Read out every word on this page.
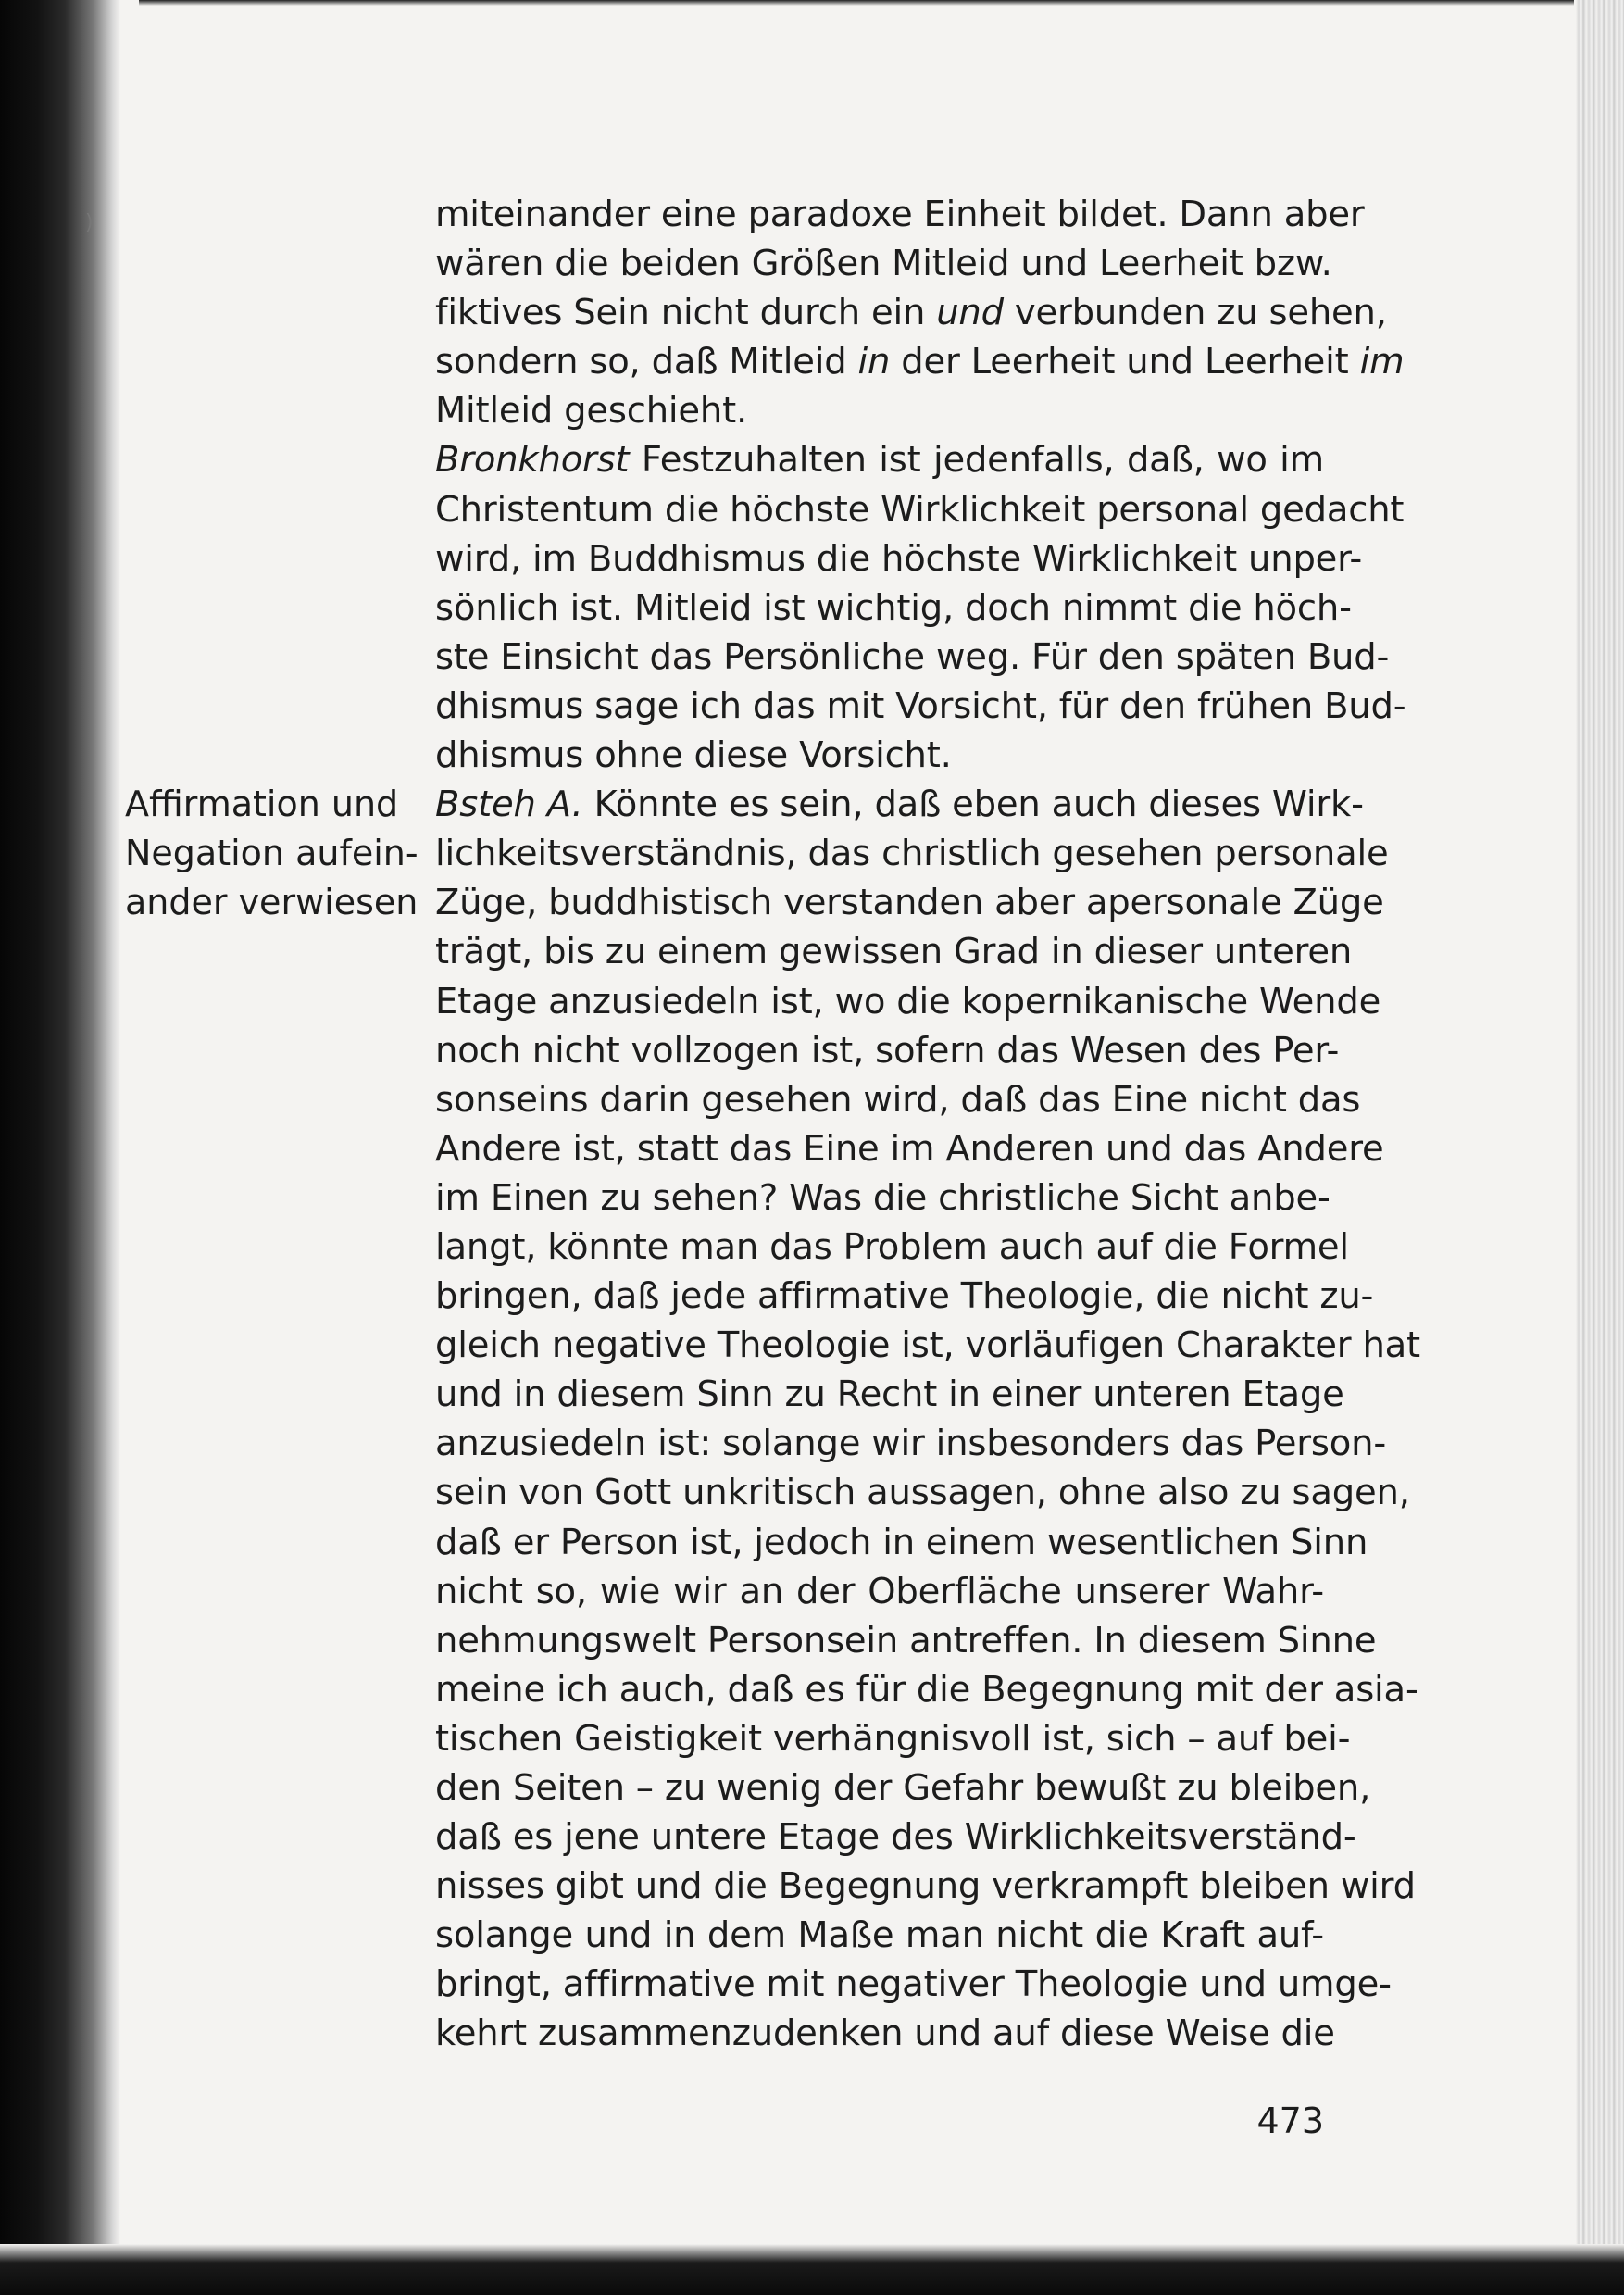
)
Affirmation und
Negation aufein-
ander verwiesen
miteinander eine paradoxe Einheit bildet. Dann aber
wären die beiden Größen Mitleid und Leerheit bzw.
fiktives Sein nicht durch ein und verbunden zu sehen,
sondern so, daß Mitleid in der Leerheit und Leerheit im
Mitleid geschieht.
Bronkhorst Festzuhalten ist jedenfalls, daß, wo im
Christentum die höchste Wirklichkeit personal gedacht
wird, im Buddhismus die höchste Wirklichkeit unper-
sönlich ist. Mitleid ist wichtig, doch nimmt die höch-
ste Einsicht das Persönliche weg. Für den späten Bud-
dhismus sage ich das mit Vorsicht, für den frühen Bud-
dhismus ohne diese Vorsicht.
Bsteh A. Könnte es sein, daß eben auch dieses Wirk-
lichkeitsverständnis, das christlich gesehen personale
Züge, buddhistisch verstanden aber apersonale Züge
trägt, bis zu einem gewissen Grad in dieser unteren
Etage anzusiedeln ist, wo die kopernikanische Wende
noch nicht vollzogen ist, sofern das Wesen des Per-
sonseins darin gesehen wird, daß das Eine nicht das
Andere ist, statt das Eine im Anderen und das Andere
im Einen zu sehen? Was die christliche Sicht anbe-
langt, könnte man das Problem auch auf die Formel
bringen, daß jede affirmative Theologie, die nicht zu-
gleich negative Theologie ist, vorläufigen Charakter hat
und in diesem Sinn zu Recht in einer unteren Etage
anzusiedeln ist: solange wir insbesonders das Person-
sein von Gott unkritisch aussagen, ohne also zu sagen,
daß er Person ist, jedoch in einem wesentlichen Sinn
nicht so, wie wir an der Oberfläche unserer Wahr-
nehmungswelt Personsein antreffen. In diesem Sinne
meine ich auch, daß es für die Begegnung mit der asia-
tischen Geistigkeit verhängnisvoll ist, sich – auf bei-
den Seiten – zu wenig der Gefahr bewußt zu bleiben,
daß es jene untere Etage des Wirklichkeitsverständ-
nisses gibt und die Begegnung verkrampft bleiben wird
solange und in dem Maße man nicht die Kraft auf-
bringt, affirmative mit negativer Theologie und umge-
kehrt zusammenzudenken und auf diese Weise die
473
